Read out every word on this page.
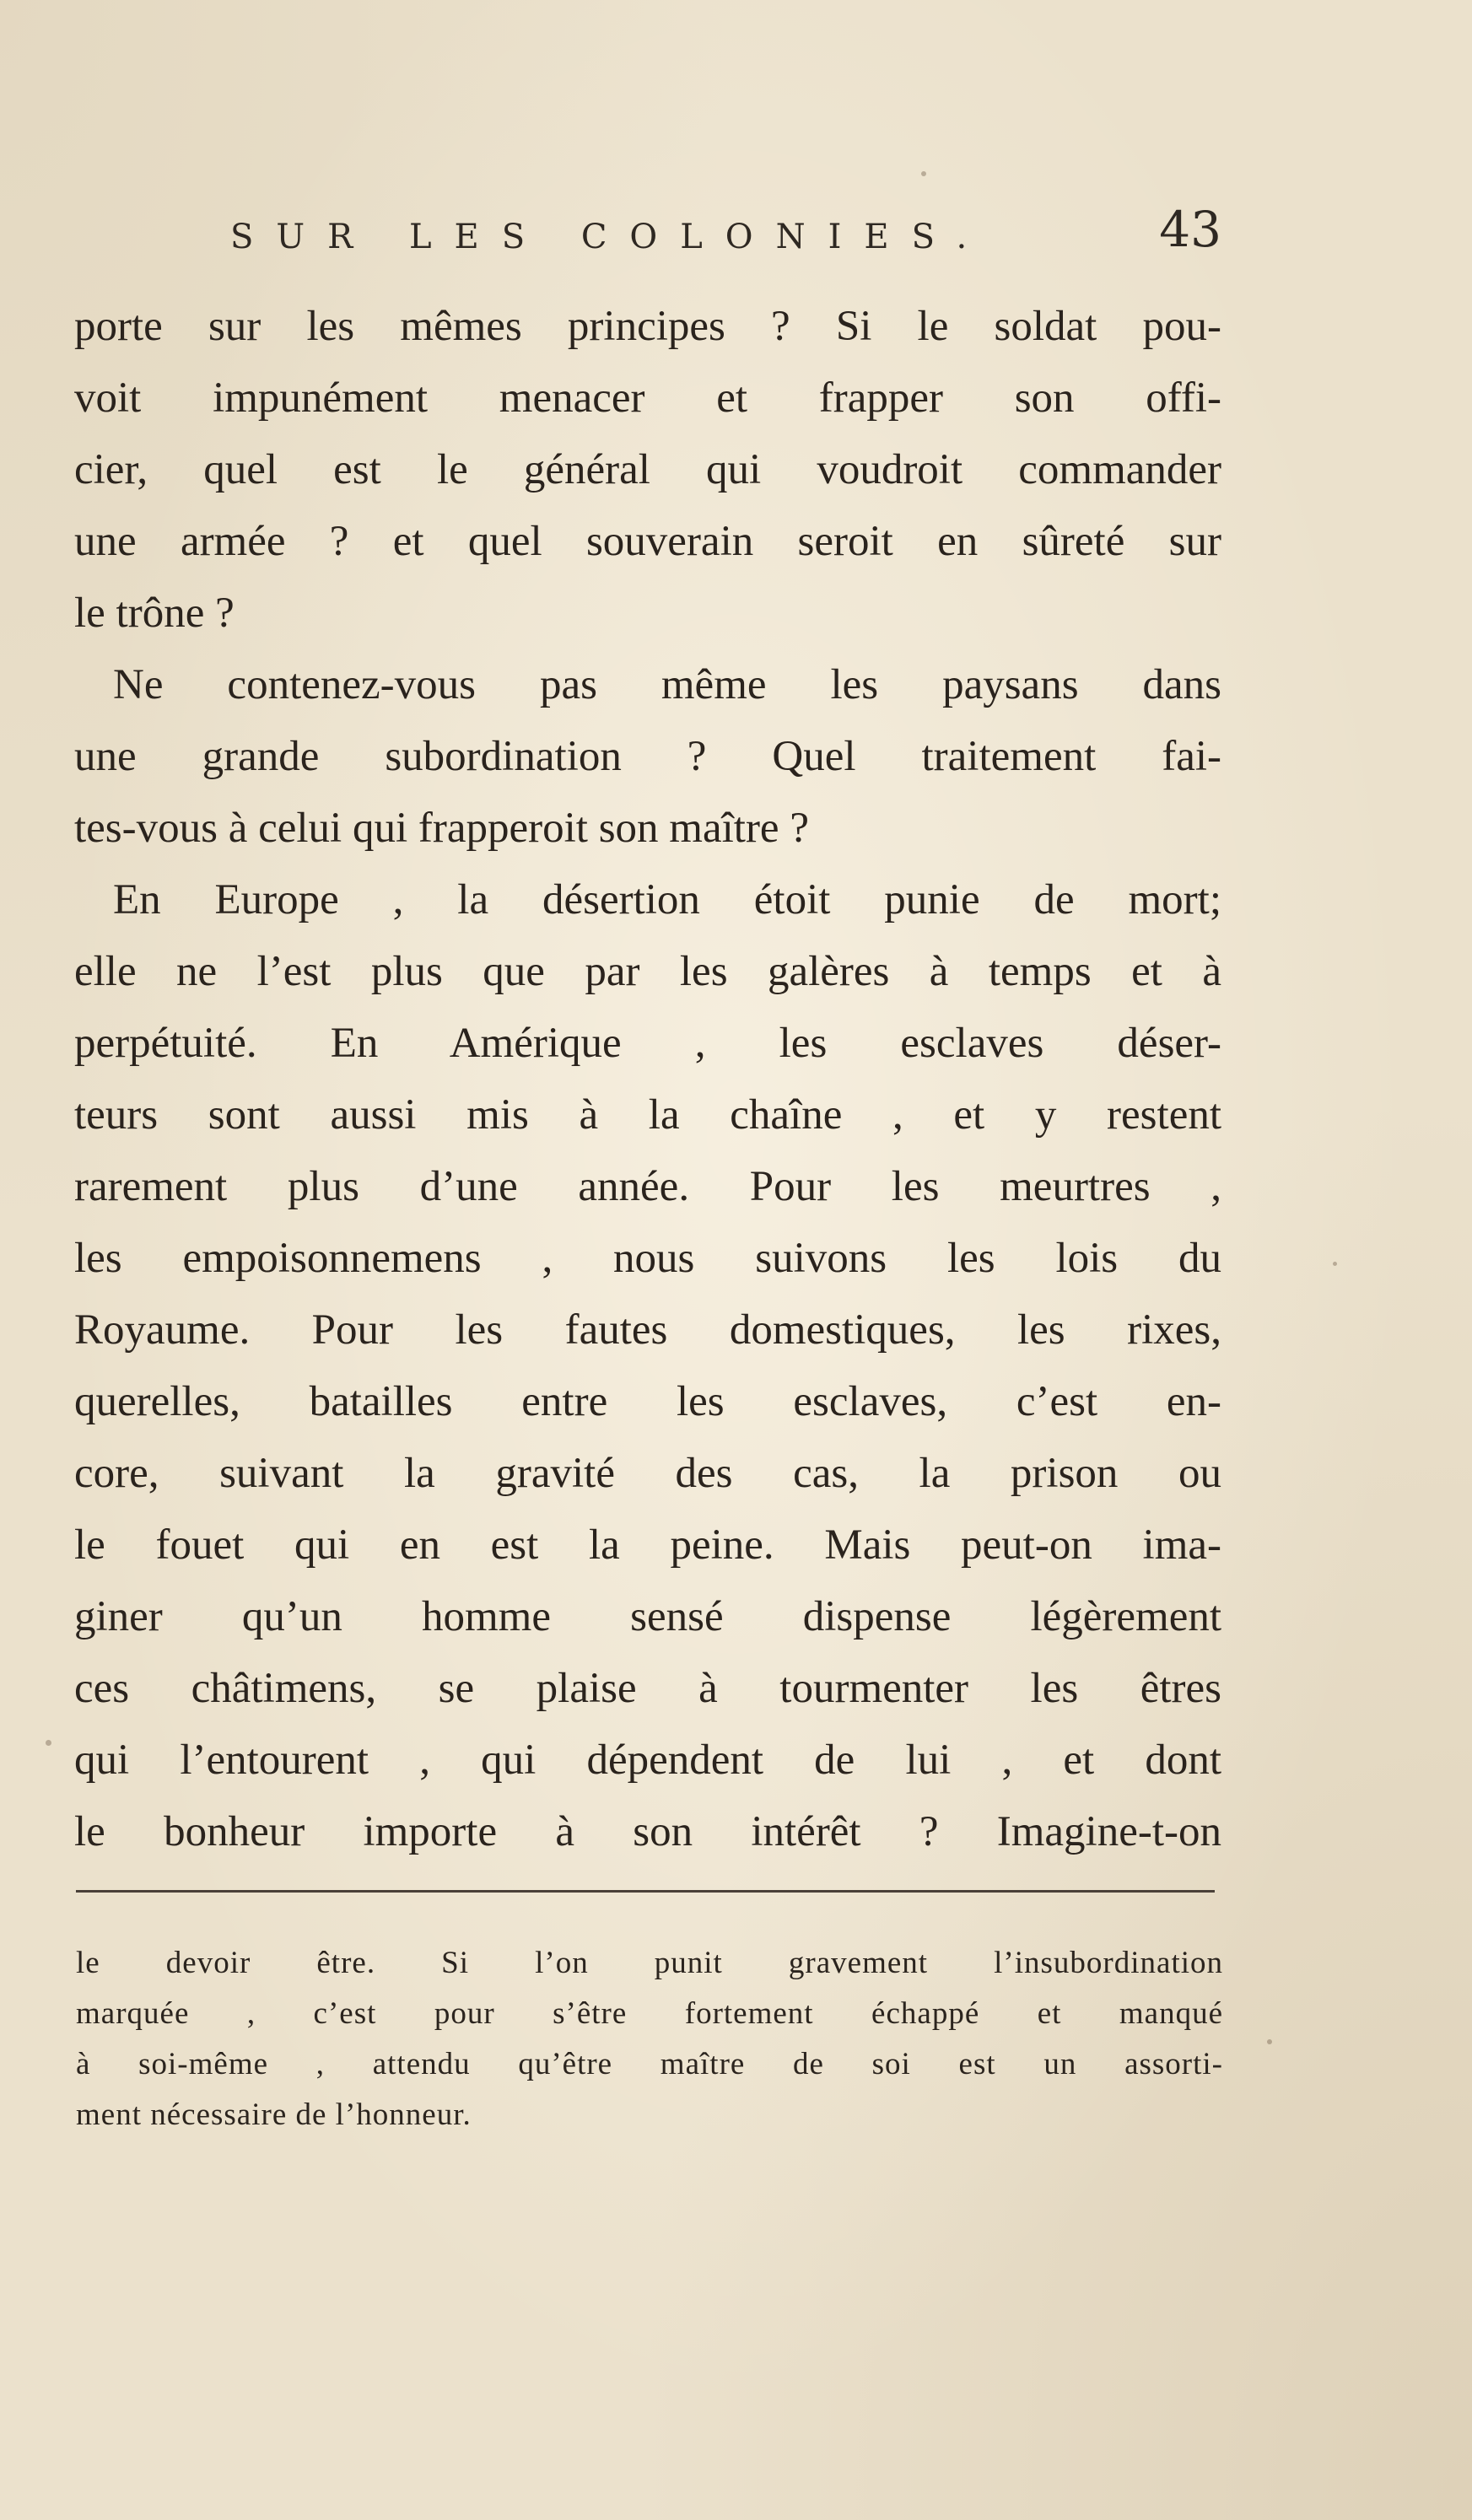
SUR LES COLONIES.	43

porte sur les mêmes principes ? Si le soldat pou-
voit impunément menacer et frapper son offi-
cier, quel est le général qui voudroit commander
une armée ? et quel souverain seroit en sûreté sur
le trône ?

Ne contenez-vous pas même les paysans dans
une grande subordination ? Quel traitement fai-
tes-vous à celui qui frapperoit son maître ?

En Europe , la désertion étoit punie de mort;
elle ne l’est plus que par les galères à temps et à
perpétuité. En Amérique , les esclaves déser-
teurs sont aussi mis à la chaîne , et y restent
rarement plus d’une année. Pour les meurtres ,
les empoisonnemens , nous suivons les lois du
Royaume. Pour les fautes domestiques, les rixes,
querelles, batailles entre les esclaves, c’est en-
core, suivant la gravité des cas, la prison ou
le fouet qui en est la peine. Mais peut-on ima-
giner qu’un homme sensé dispense légèrement
ces châtimens, se plaise à tourmenter les êtres
qui l’entourent , qui dépendent de lui , et dont
le bonheur importe à son intérêt ? Imagine-t-on

le devoir être. Si l’on punit gravement l’insubordination
marquée , c’est pour s’être fortement échappé et manqué
à soi-même , attendu qu’être maître de soi est un assorti-
ment nécessaire de l’honneur.
